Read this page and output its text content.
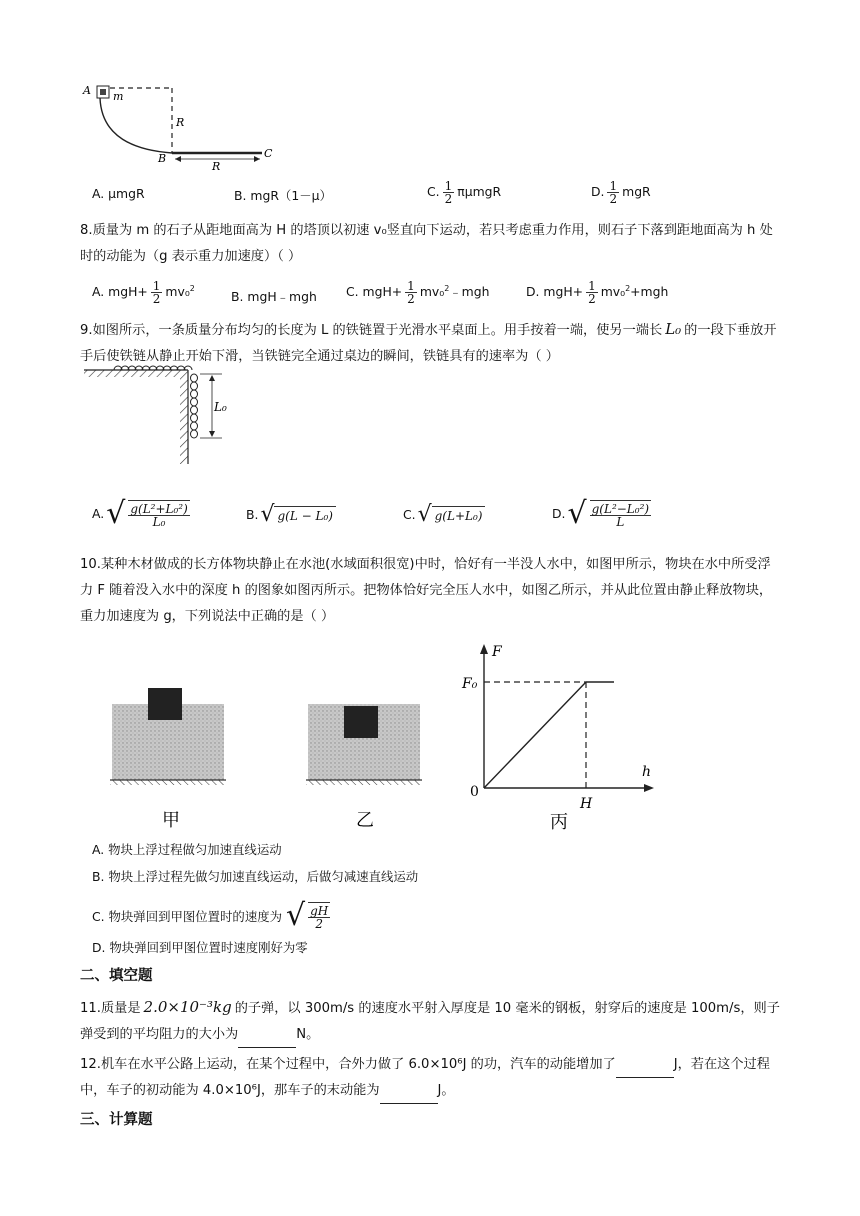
A m
R
B	C
R
A. μmgR	B. mgR（1－μ）	C. $\frac{1}{2}$ πμmgR	D. $\frac{1}{2}$ mgR
8.质量为 m 的石子从距地面高为 H 的塔顶以初速 v₀竖直向下运动，若只考虑重力作用，则石子下落到距地面高为 h 处时的动能为（g 表示重力加速度）（ ）
A. $mgH+ \frac{1}{2} mv_0^2$
B. mgH﹣mgh C. $mgH+ \frac{1}{2}$ mv₀$^2$﹣mgh	D. $mgH+ \frac{1}{2} mv_0^2+mgh$
9.如图所示，一条质量分布均匀的长度为 L 的铁链置于光滑水平桌面上。用手按着一端，使另一端长 L₀ 的一段下垂放开手后使铁链从静止开始下滑，当铁链完全通过桌边的瞬间，铁链具有的速率为（ ）
L₀
A. √ $\frac{\text{g(L²+L₀²)}}{\text{L₀}}$	B. √ g(L − L₀)	C. √ g(L+L₀)	D. √ $\frac{\text{g(L²−L₀²)}}{L}$
10.某种木材做成的长方体物块静止在水池(水域面积很宽)中时，恰好有一半没人水中，如图甲所示，物块在水中所受浮力 F 随着没入水中的深度 h 的图象如图丙所示。把物体恰好完全压人水中，如图乙所示，并从此位置由静止释放物块，重力加速度为 g，下列说法中正确的是（ ）
甲	乙
F
F₀
0
h
H
丙
A. 物块上浮过程做匀加速直线运动
B. 物块上浮过程先做匀加速直线运动，后做匀减速直线运动
C. 物块弹回到甲图位置时的速度为 √ $\frac{gH}{2}$
D. 物块弹回到甲图位置时速度刚好为零
二、填空题
11.质量是 2.0×10⁻³kg 的子弹，以 300m/s 的速度水平射入厚度是 10 毫米的钢板，射穿后的速度是 100m/s，则子弹受到的平均阻力的大小为	N。
12.机车在水平公路上运动，在某个过程中，合外力做了 6.0×10⁶J 的功，汽车的动能增加了	J，若在这个过程中，车子的初动能为 4.0×10⁶J，那车子的末动能为	J。
三、计算题
